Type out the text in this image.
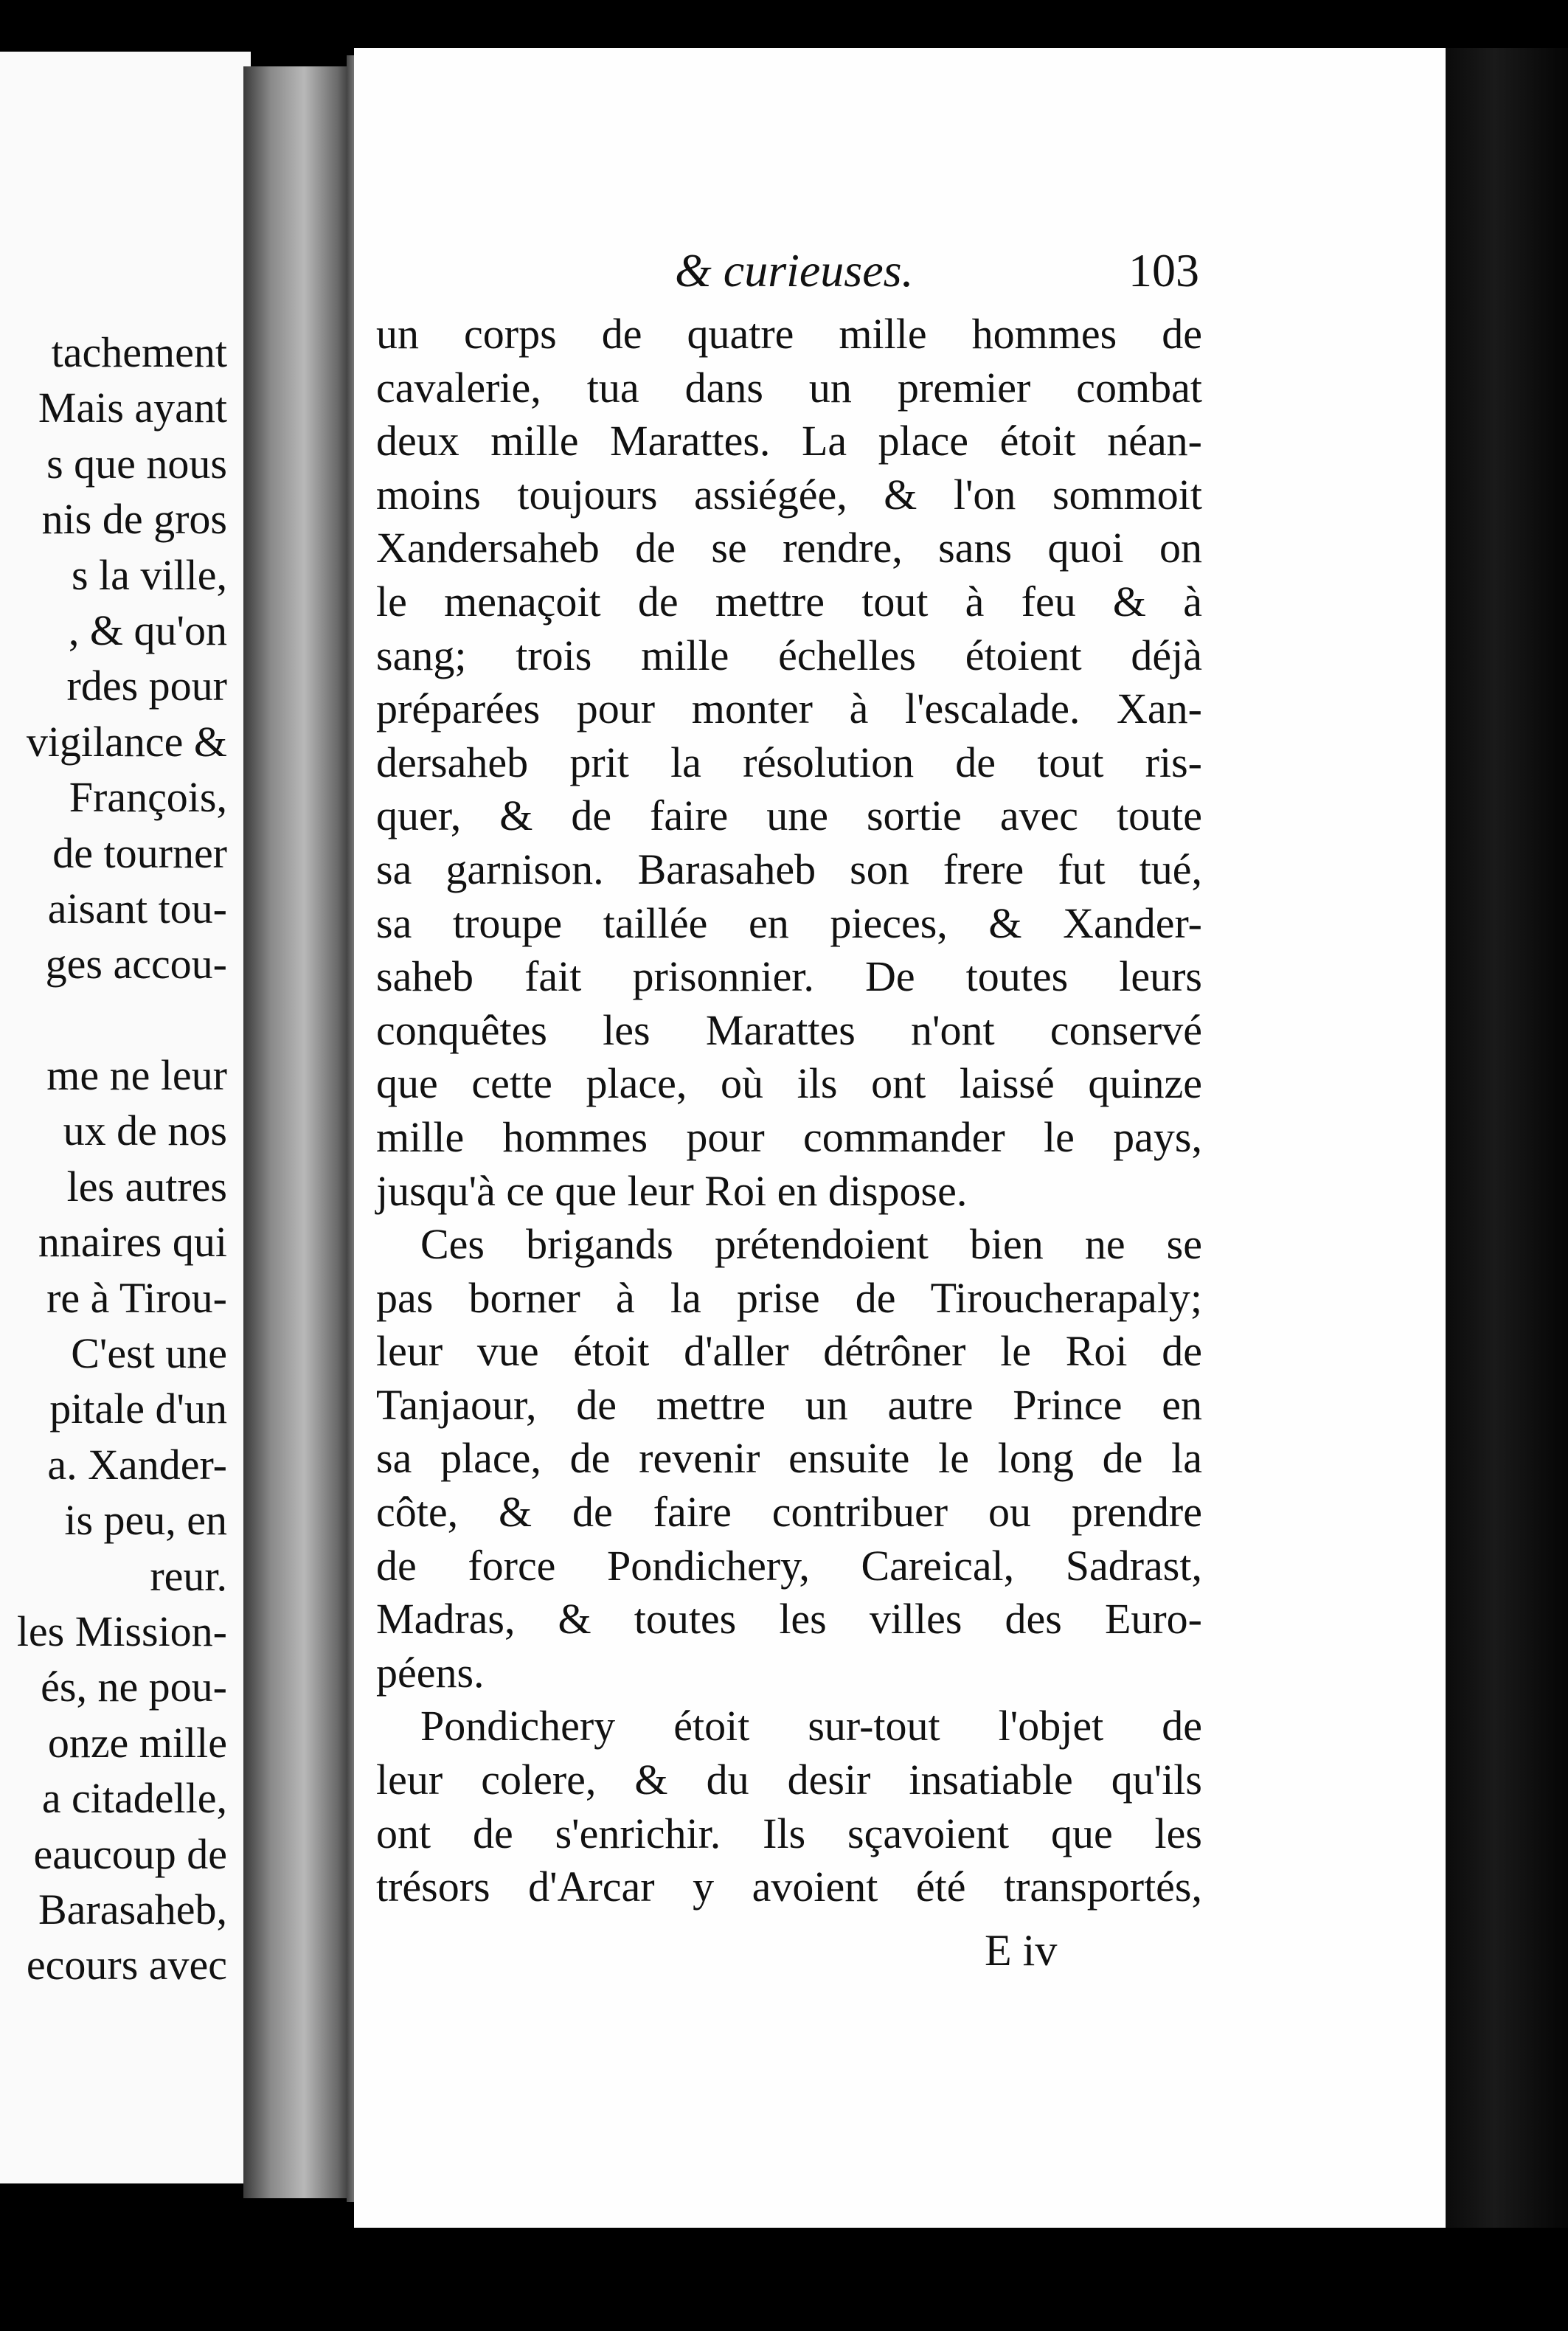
tachement
Mais ayant
s que nous
nis de gros
s la ville,
, & qu'on
rdes pour
vigilance &
François,
de tourner
aisant tou-
ges accou-
me ne leur
ux de nos
les autres
nnaires qui
re à Tirou-
C'est une
pitale d'un
a. Xander-
is peu, en
reur.
les Mission-
és, ne pou-
onze mille
a citadelle,
eaucoup de
Barasaheb,
ecours avec
& curieuses.	103
un corps de quatre mille hommes de
cavalerie, tua dans un premier combat
deux mille Marattes. La place étoit néan-
moins toujours assiégée, & l'on sommoit
Xandersaheb de se rendre, sans quoi on
le menaçoit de mettre tout à feu & à
sang; trois mille échelles étoient déjà
préparées pour monter à l'escalade. Xan-
dersaheb prit la résolution de tout ris-
quer, & de faire une sortie avec toute
sa garnison. Barasaheb son frere fut tué,
sa troupe taillée en pieces, & Xander-
saheb fait prisonnier. De toutes leurs
conquêtes les Marattes n'ont conservé
que cette place, où ils ont laissé quinze
mille hommes pour commander le pays,
jusqu'à ce que leur Roi en dispose.
Ces brigands prétendoient bien ne se
pas borner à la prise de Tiroucherapaly;
leur vue étoit d'aller détrôner le Roi de
Tanjaour, de mettre un autre Prince en
sa place, de revenir ensuite le long de la
côte, & de faire contribuer ou prendre
de force Pondichery, Careical, Sadrast,
Madras, & toutes les villes des Euro-
péens.
Pondichery étoit sur-tout l'objet de
leur colere, & du desir insatiable qu'ils
ont de s'enrichir. Ils sçavoient que les
trésors d'Arcar y avoient été transportés,
E iv
